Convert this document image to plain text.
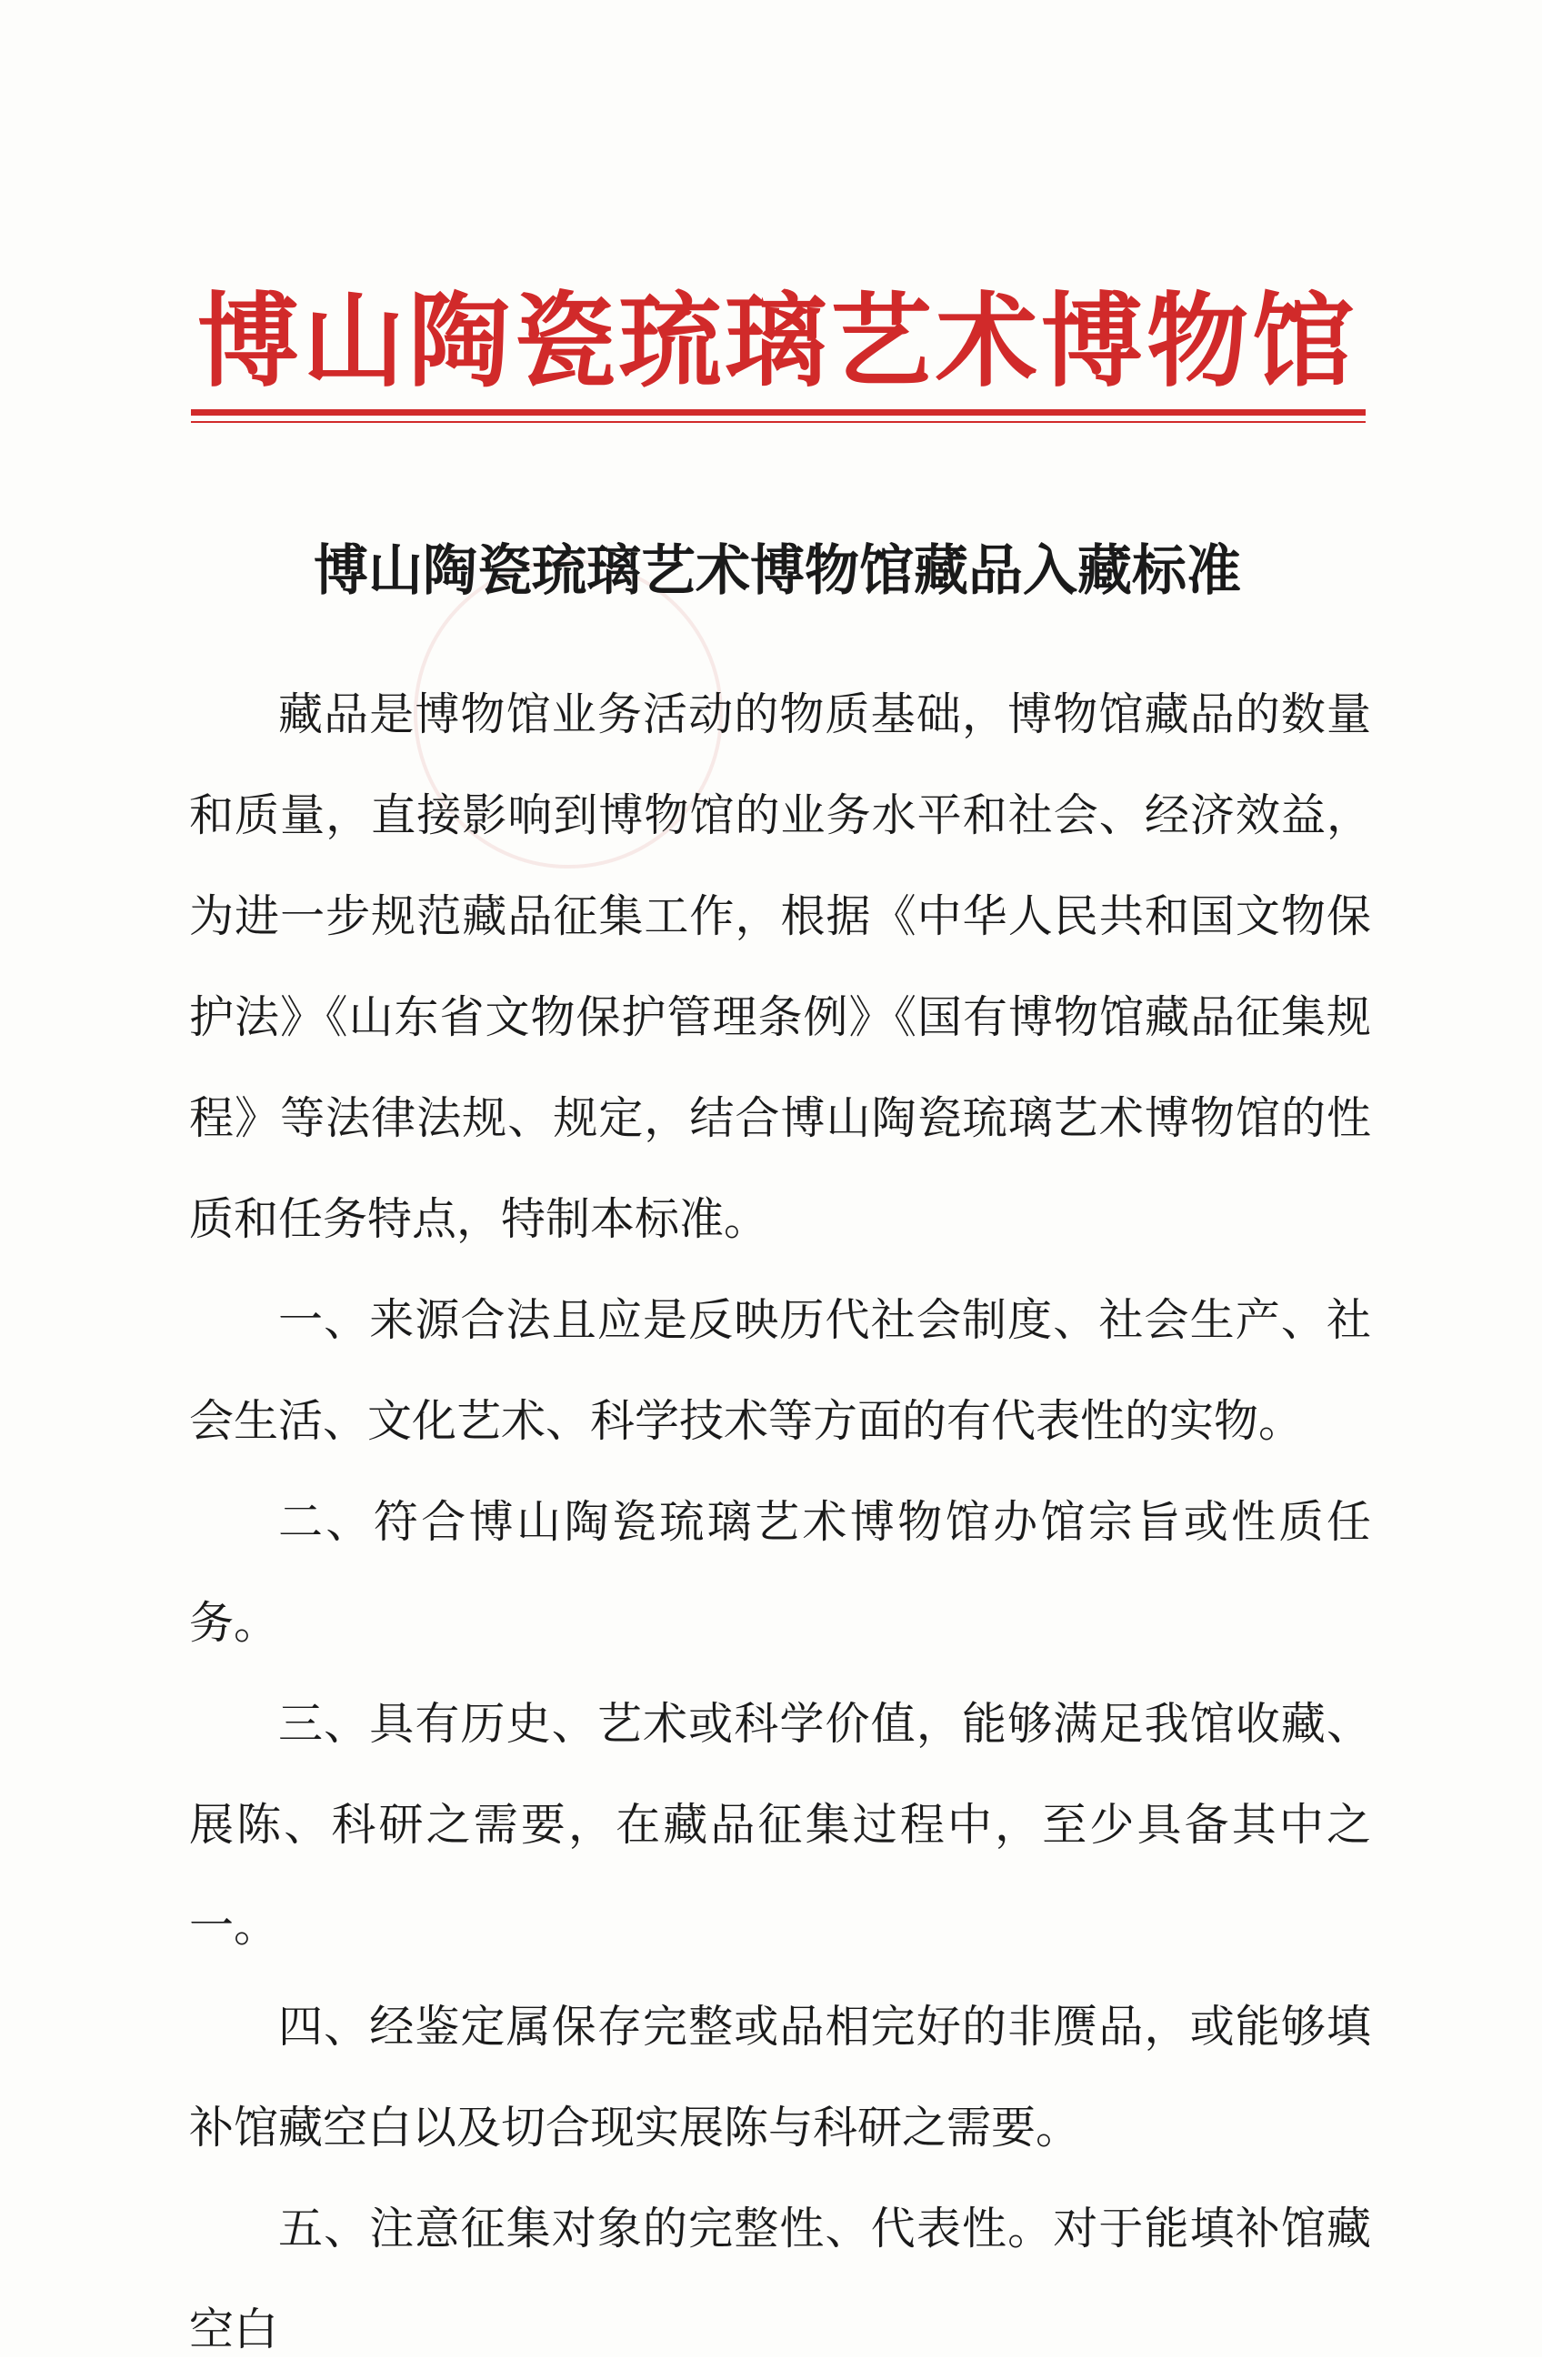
博山陶瓷琉璃艺术博物馆
博山陶瓷琉璃艺术博物馆藏品入藏标准

藏品是博物馆业务活动的物质基础，博物馆藏品的数量和质量，直接影响到博物馆的业务水平和社会、经济效益，为进一步规范藏品征集工作，根据《中华人民共和国文物保护法》《山东省文物保护管理条例》《国有博物馆藏品征集规程》等法律法规、规定，结合博山陶瓷琉璃艺术博物馆的性质和任务特点，特制本标准。

一、来源合法且应是反映历代社会制度、社会生产、社会生活、文化艺术、科学技术等方面的有代表性的实物。

二、符合博山陶瓷琉璃艺术博物馆办馆宗旨或性质任务。

三、具有历史、艺术或科学价值，能够满足我馆收藏、展陈、科研之需要，在藏品征集过程中，至少具备其中之一。

四、经鉴定属保存完整或品相完好的非赝品，或能够填补馆藏空白以及切合现实展陈与科研之需要。

五、注意征集对象的完整性、代表性。对于能填补馆藏空白
